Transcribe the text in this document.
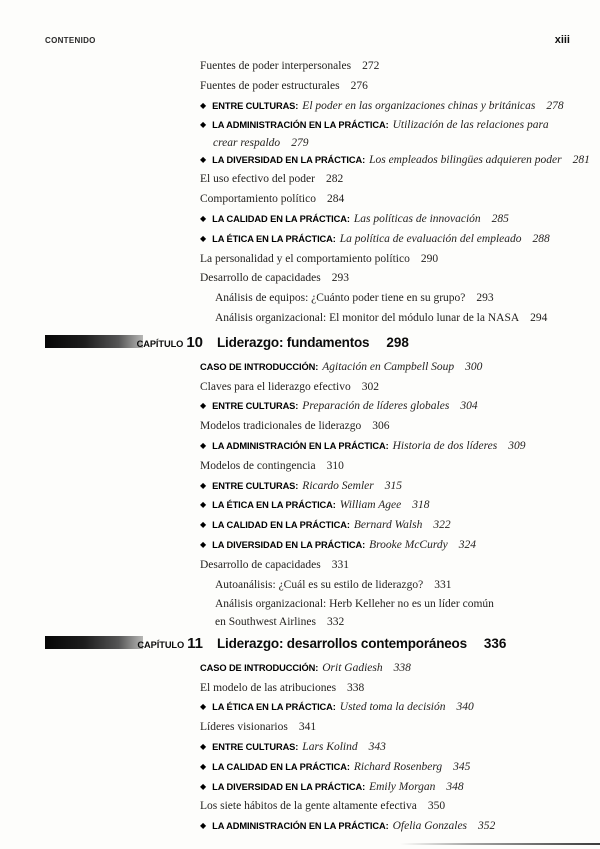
CONTENIDO	xiii
Fuentes de poder interpersonales 272
Fuentes de poder estructurales 276
◆ ENTRE CULTURAS: El poder en las organizaciones chinas y británicas 278
◆ LA ADMINISTRACIÓN EN LA PRÁCTICA: Utilización de las relaciones para
crear respaldo 279
◆ LA DIVERSIDAD EN LA PRÁCTICA: Los empleados bilingües adquieren poder 281
El uso efectivo del poder 282
Comportamiento político 284
◆ LA CALIDAD EN LA PRÁCTICA: Las políticas de innovación 285
◆ LA ÉTICA EN LA PRÁCTICA: La política de evaluación del empleado 288
La personalidad y el comportamiento político 290
Desarrollo de capacidades 293
Análisis de equipos: ¿Cuánto poder tiene en su grupo? 293
Análisis organizacional: El monitor del módulo lunar de la NASA 294
CAPÍTULO 10 Liderazgo: fundamentos 298
CASO DE INTRODUCCIÓN: Agitación en Campbell Soup 300
Claves para el liderazgo efectivo 302
◆ ENTRE CULTURAS: Preparación de líderes globales 304
Modelos tradicionales de liderazgo 306
◆ LA ADMINISTRACIÓN EN LA PRÁCTICA: Historia de dos líderes 309
Modelos de contingencia 310
◆ ENTRE CULTURAS: Ricardo Semler 315
◆ LA ÉTICA EN LA PRÁCTICA: William Agee 318
◆ LA CALIDAD EN LA PRÁCTICA: Bernard Walsh 322
◆ LA DIVERSIDAD EN LA PRÁCTICA: Brooke McCurdy 324
Desarrollo de capacidades 331
Autoanálisis: ¿Cuál es su estilo de liderazgo? 331
Análisis organizacional: Herb Kelleher no es un líder común
en Southwest Airlines 332
CAPÍTULO 11 Liderazgo: desarrollos contemporáneos 336
CASO DE INTRODUCCIÓN: Orit Gadiesh 338
El modelo de las atribuciones 338
◆ LA ÉTICA EN LA PRÁCTICA: Usted toma la decisión 340
Líderes visionarios 341
◆ ENTRE CULTURAS: Lars Kolind 343
◆ LA CALIDAD EN LA PRÁCTICA: Richard Rosenberg 345
◆ LA DIVERSIDAD EN LA PRÁCTICA: Emily Morgan 348
Los siete hábitos de la gente altamente efectiva 350
◆ LA ADMINISTRACIÓN EN LA PRÁCTICA: Ofelia Gonzales 352
